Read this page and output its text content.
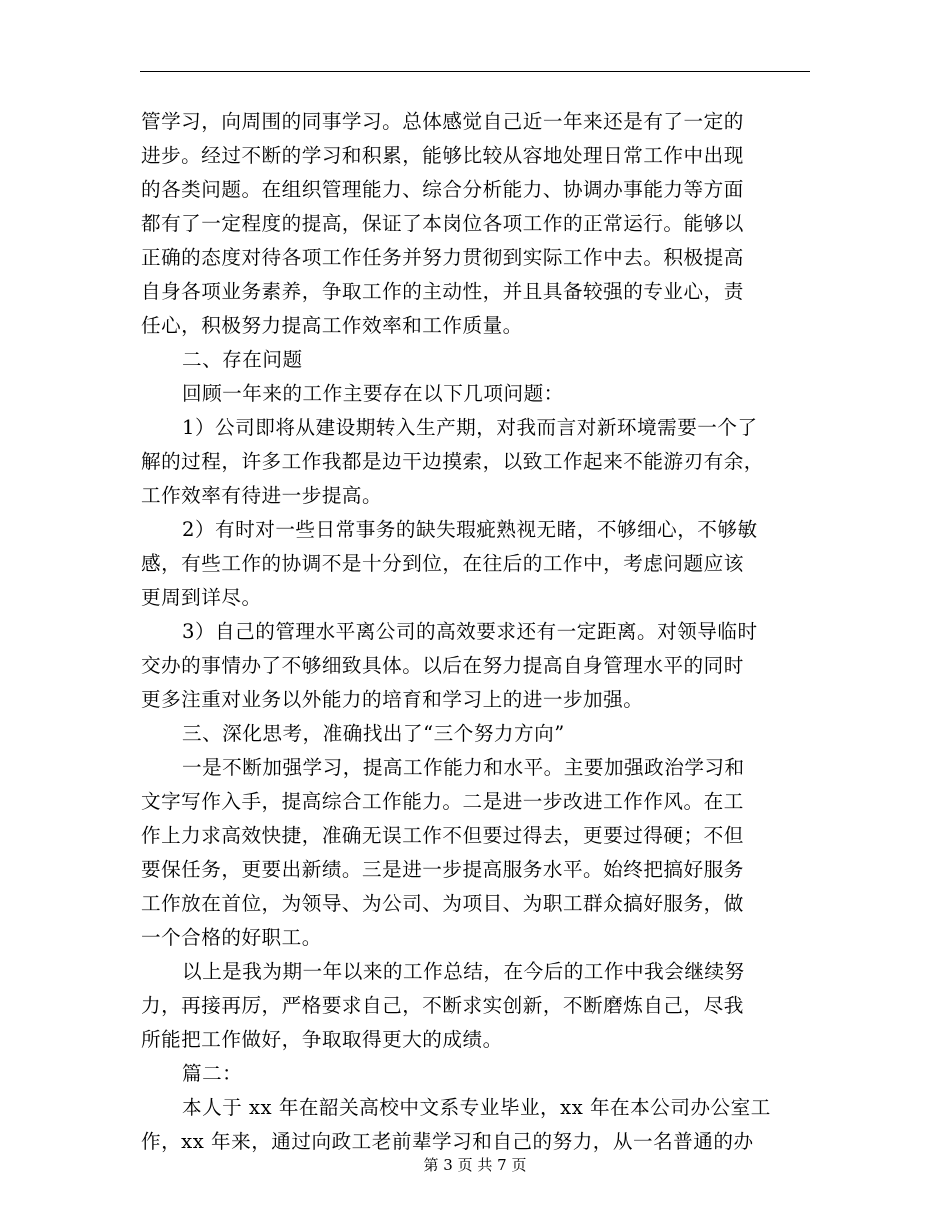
管学习，向周围的同事学习。总体感觉自己近一年来还是有了一定的
进步。经过不断的学习和积累，能够比较从容地处理日常工作中出现
的各类问题。在组织管理能力、综合分析能力、协调办事能力等方面
都有了一定程度的提高，保证了本岗位各项工作的正常运行。能够以
正确的态度对待各项工作任务并努力贯彻到实际工作中去。积极提高
自身各项业务素养，争取工作的主动性，并且具备较强的专业心，责
任心，积极努力提高工作效率和工作质量。
二、存在问题
回顾一年来的工作主要存在以下几项问题：
1）公司即将从建设期转入生产期，对我而言对新环境需要一个了
解的过程，许多工作我都是边干边摸索，以致工作起来不能游刃有余，
工作效率有待进一步提高。
2）有时对一些日常事务的缺失瑕疵熟视无睹，不够细心，不够敏
感，有些工作的协调不是十分到位，在往后的工作中，考虑问题应该
更周到详尽。
3）自己的管理水平离公司的高效要求还有一定距离。对领导临时
交办的事情办了不够细致具体。以后在努力提高自身管理水平的同时
更多注重对业务以外能力的培育和学习上的进一步加强。
三、深化思考，准确找出了“三个努力方向”
一是不断加强学习，提高工作能力和水平。主要加强政治学习和
文字写作入手，提高综合工作能力。二是进一步改进工作作风。在工
作上力求高效快捷，准确无误工作不但要过得去，更要过得硬；不但
要保任务，更要出新绩。三是进一步提高服务水平。始终把搞好服务
工作放在首位，为领导、为公司、为项目、为职工群众搞好服务，做
一个合格的好职工。
以上是我为期一年以来的工作总结，在今后的工作中我会继续努
力，再接再厉，严格要求自己，不断求实创新，不断磨炼自己，尽我
所能把工作做好，争取取得更大的成绩。
篇二：
本人于 xx 年在韶关高校中文系专业毕业，xx 年在本公司办公室工
作，xx 年来，通过向政工老前辈学习和自己的努力，从一名普通的办
第 3 页 共 7 页
